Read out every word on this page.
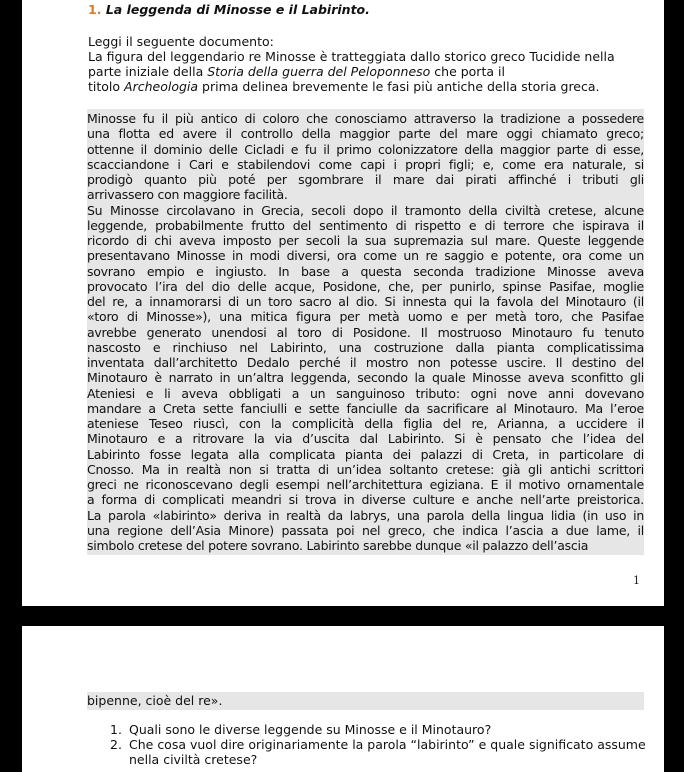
1. La leggenda di Minosse e il Labirinto.
Leggi il seguente documento:
La figura del leggendario re Minosse è tratteggiata dallo storico greco Tucidide nella
parte iniziale della Storia della guerra del Peloponneso che porta il
titolo Archeologia prima delinea brevemente le fasi più antiche della storia greca.
Minosse fu il più antico di coloro che conosciamo attraverso la tradizione a possedere
una flotta ed avere il controllo della maggior parte del mare oggi chiamato greco;
ottenne il dominio delle Cicladi e fu il primo colonizzatore della maggior parte di esse,
scacciandone i Cari e stabilendovi come capi i propri figli; e, come era naturale, si
prodigò quanto più poté per sgombrare il mare dai pirati affinché i tributi gli
arrivassero con maggiore facilità.
Su Minosse circolavano in Grecia, secoli dopo il tramonto della civiltà cretese, alcune
leggende, probabilmente frutto del sentimento di rispetto e di terrore che ispirava il
ricordo di chi aveva imposto per secoli la sua supremazia sul mare. Queste leggende
presentavano Minosse in modi diversi, ora come un re saggio e potente, ora come un
sovrano empio e ingiusto. In base a questa seconda tradizione Minosse aveva
provocato l’ira del dio delle acque, Posidone, che, per punirlo, spinse Pasifae, moglie
del re, a innamorarsi di un toro sacro al dio. Si innesta qui la favola del Minotauro (il
«toro di Minosse»), una mitica figura per metà uomo e per metà toro, che Pasifae
avrebbe generato unendosi al toro di Posidone. Il mostruoso Minotauro fu tenuto
nascosto e rinchiuso nel Labirinto, una costruzione dalla pianta complicatissima
inventata dall’architetto Dedalo perché il mostro non potesse uscire. Il destino del
Minotauro è narrato in un’altra leggenda, secondo la quale Minosse aveva sconfitto gli
Ateniesi e li aveva obbligati a un sanguinoso tributo: ogni nove anni dovevano
mandare a Creta sette fanciulli e sette fanciulle da sacrificare al Minotauro. Ma l’eroe
ateniese Teseo riuscì, con la complicità della figlia del re, Arianna, a uccidere il
Minotauro e a ritrovare la via d’uscita dal Labirinto. Si è pensato che l’idea del
Labirinto fosse legata alla complicata pianta dei palazzi di Creta, in particolare di
Cnosso. Ma in realtà non si tratta di un’idea soltanto cretese: già gli antichi scrittori
greci ne riconoscevano degli esempi nell’architettura egiziana. E il motivo ornamentale
a forma di complicati meandri si trova in diverse culture e anche nell’arte preistorica.
La parola «labirinto» deriva in realtà da labrys, una parola della lingua lidia (in uso in
una regione dell’Asia Minore) passata poi nel greco, che indica l’ascia a due lame, il
simbolo cretese del potere sovrano. Labirinto sarebbe dunque «il palazzo dell’ascia
1
bipenne, cioè del re».
1. Quali sono le diverse leggende su Minosse e il Minotauro?
2. Che cosa vuol dire originariamente la parola “labirinto” e quale significato assume nella civiltà cretese?
